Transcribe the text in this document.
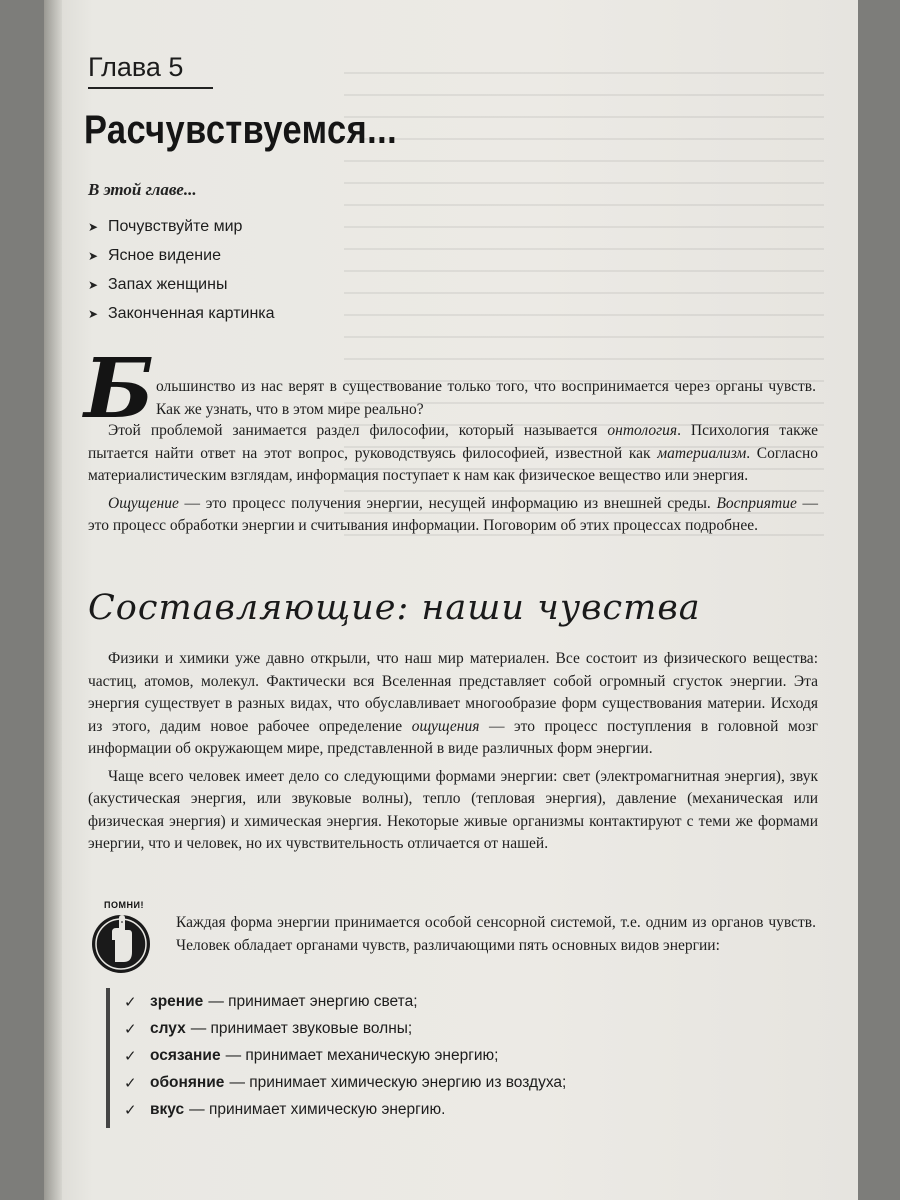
Глава 5
Расчувствуемся...
В этой главе...
➤ Почувствуйте мир
➤ Ясное видение
➤ Запах женщины
➤ Законченная картинка
Б ольшинство из нас верят в существование только того, что воспринимается через органы чувств. Как же узнать, что в этом мире реально?

Этой проблемой занимается раздел философии, который называется онтология. Психология также пытается найти ответ на этот вопрос, руководствуясь философией, известной как материализм. Согласно материалистическим взглядам, информация поступает к нам как физическое вещество или энергия.

Ощущение — это процесс получения энергии, несущей информацию из внешней среды. Восприятие — это процесс обработки энергии и считывания информации. Поговорим об этих процессах подробнее.

Составляющие: наши чувства

Физики и химики уже давно открыли, что наш мир материален. Все состоит из физического вещества: частиц, атомов, молекул. Фактически вся Вселенная представляет собой огромный сгусток энергии. Эта энергия существует в разных видах, что обуславливает многообразие форм существования материи. Исходя из этого, дадим новое рабочее определение ощущения — это процесс поступления в головной мозг информации об окружающем мире, представленной в виде различных форм энергии.

Чаще всего человек имеет дело со следующими формами энергии: свет (электромагнитная энергия), звук (акустическая энергия, или звуковые волны), тепло (тепловая энергия), давление (механическая или физическая энергия) и химическая энергия. Некоторые живые организмы контактируют с теми же формами энергии, что и человек, но их чувствительность отличается от нашей.

ПОМНИ!

Каждая форма энергии принимается особой сенсорной системой, т.е. одним из органов чувств. Человек обладает органами чувств, различающими пять основных видов энергии:

✓ зрение — принимает энергию света;
✓ слух — принимает звуковые волны;
✓ осязание — принимает механическую энергию;
✓ обоняние — принимает химическую энергию из воздуха;
✓ вкус — принимает химическую энергию.
